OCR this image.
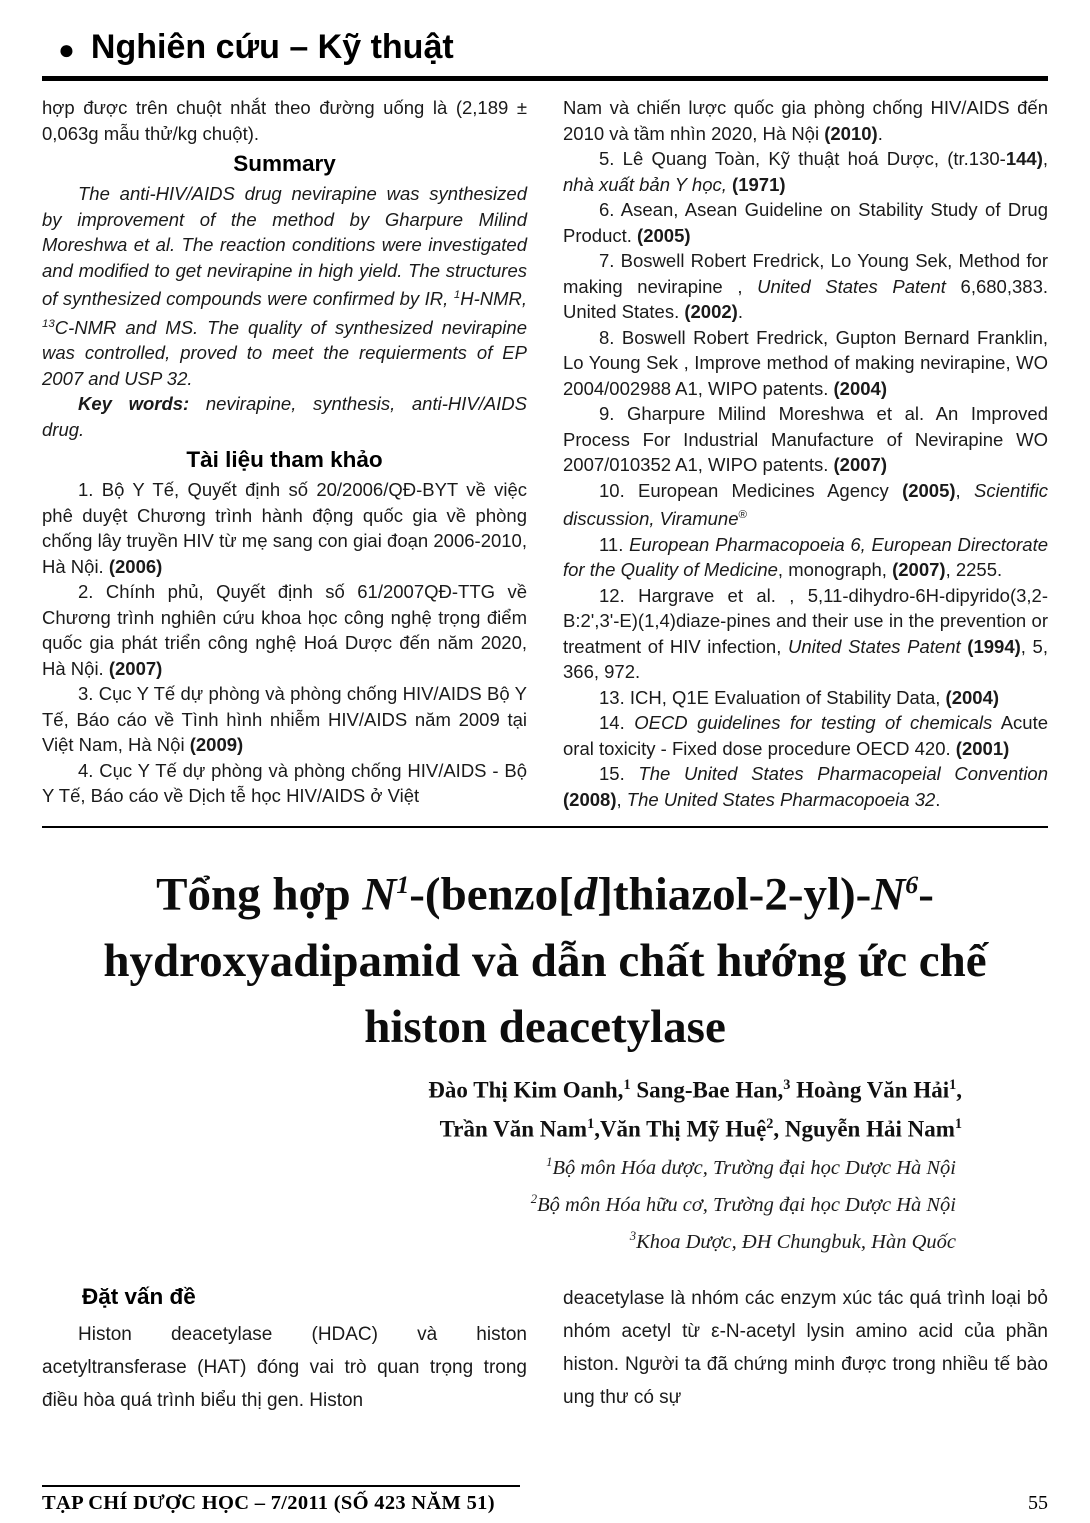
● Nghiên cứu – Kỹ thuật

hợp được trên chuột nhắt theo đường uống là (2,189 ± 0,063g mẫu thử/kg chuột).

Summary

The anti-HIV/AIDS drug nevirapine was synthesized by improvement of the method by Gharpure Milind Moreshwa et al. The reaction conditions were investigated and modified to get nevirapine in high yield. The structures of synthesized compounds were confirmed by IR, $^1$H-NMR, $^{13}$C-NMR and MS. The quality of synthesized nevirapine was controlled, proved to meet the requierments of EP 2007 and USP 32.

Key words: nevirapine, synthesis, anti-HIV/AIDS drug.

Tài liệu tham khảo

1. Bộ Y Tế, Quyết định số 20/2006/QĐ-BYT về việc phê duyệt Chương trình hành động quốc gia về phòng chống lây truyền HIV từ mẹ sang con giai đoạn 2006-2010, Hà Nội. (2006)

2. Chính phủ, Quyết định số 61/2007QĐ-TTG về Chương trình nghiên cứu khoa học công nghệ trọng điểm quốc gia phát triển công nghệ Hoá Dược đến năm 2020, Hà Nội. (2007)

3. Cục Y Tế dự phòng và phòng chống HIV/AIDS Bộ Y Tế, Báo cáo về Tình hình nhiễm HIV/AIDS năm 2009 tại Việt Nam, Hà Nội (2009)

4. Cục Y Tế dự phòng và phòng chống HIV/AIDS - Bộ Y Tế, Báo cáo về Dịch tễ học HIV/AIDS ở Việt

Nam và chiến lược quốc gia phòng chống HIV/AIDS đến 2010 và tầm nhìn 2020, Hà Nội (2010).

5. Lê Quang Toàn, Kỹ thuật hoá Dược, (tr.130-144), nhà xuất bản Y học, (1971)

6. Asean, Asean Guideline on Stability Study of Drug Product. (2005)

7. Boswell Robert Fredrick, Lo Young Sek, Method for making nevirapine , United States Patent 6,680,383. United States. (2002).

8. Boswell Robert Fredrick, Gupton Bernard Franklin, Lo Young Sek , Improve method of making nevirapine, WO 2004/002988 A1, WIPO patents. (2004)

9. Gharpure Milind Moreshwa et al. An Improved Process For Industrial Manufacture of Nevirapine WO 2007/010352 A1, WIPO patents. (2007)

10. European Medicines Agency (2005), Scientific discussion, Viramune®

11. European Pharmacopoeia 6, European Directorate for the Quality of Medicine, monograph, (2007), 2255.

12. Hargrave et al. , 5,11-dihydro-6H-dipyrido(3,2-B:2',3'-E)(1,4)diaze-pines and their use in the prevention or treatment of HIV infection, United States Patent (1994), 5, 366, 972.

13. ICH, Q1E Evaluation of Stability Data, (2004)

14. OECD guidelines for testing of chemicals Acute oral toxicity - Fixed dose procedure OECD 420. (2001)

15. The United States Pharmacopeial Convention (2008), The United States Pharmacopoeia 32.

Tổng hợp $N^1-(benzo[d]thiazol-2-yl)-N^6-$
hydroxyadipamid và dẫn chất hướng ức chế
histon deacetylase
Đào Thị Kim Oanh,$^1$ Sang-Bae Han,$^3$ Hoàng Văn Hải$^1$,
Trần Văn Nam$^1$,Văn Thị Mỹ Huệ$^2$, Nguyễn Hải Nam$^1$
$^1$Bộ môn Hóa dược, Trường đại học Dược Hà Nội
$^2$Bộ môn Hóa hữu cơ, Trường đại học Dược Hà Nội
$^3$Khoa Dược, ĐH Chungbuk, Hàn Quốc
Đặt vấn đề

Histon deacetylase (HDAC) và histon acetyltransferase (HAT) đóng vai trò quan trọng trong điều hòa quá trình biểu thị gen. Histon

deacetylase là nhóm các enzym xúc tác quá trình loại bỏ nhóm acetyl từ ε-N-acetyl lysin amino acid của phần histon. Người ta đã chứng minh được trong nhiều tế bào ung thư có sự

TẠP CHÍ DƯỢC HỌC – 7/2011 (SỐ 423 NĂM 51)	55
